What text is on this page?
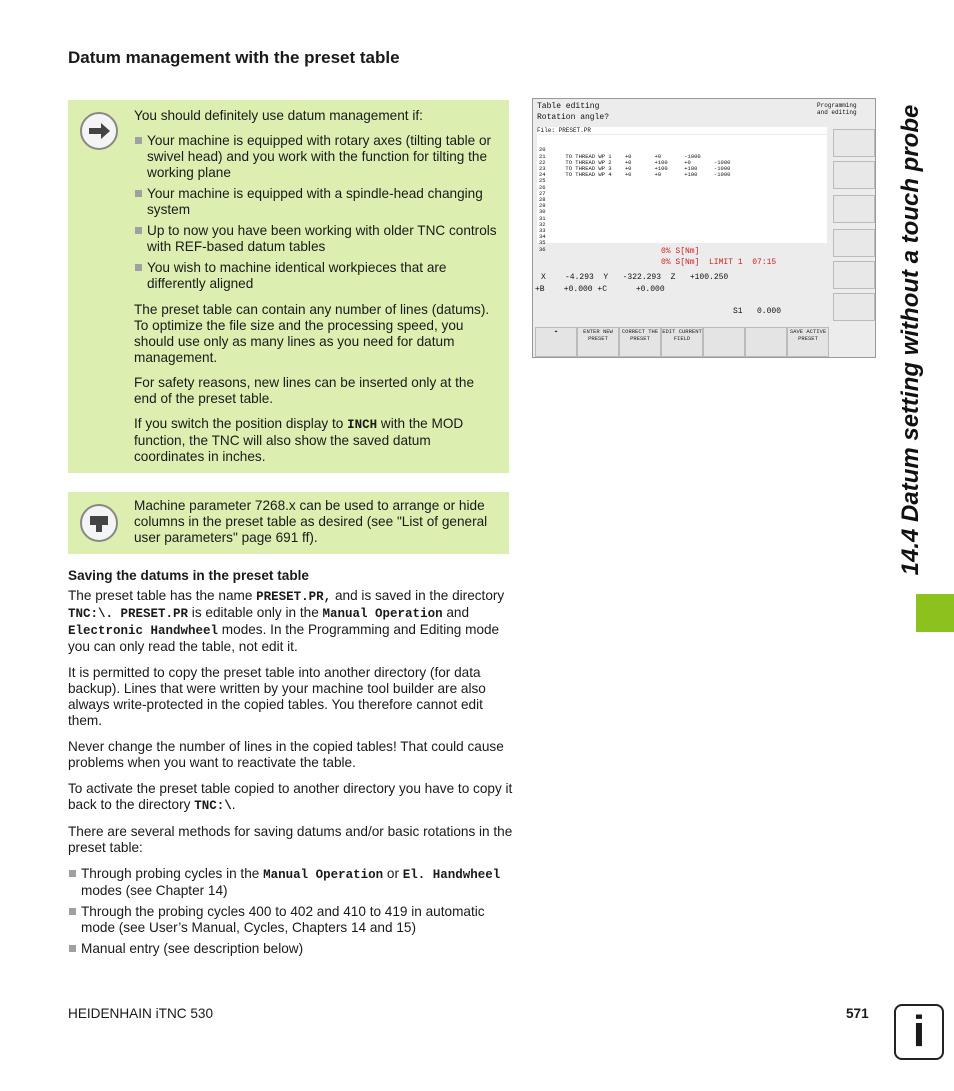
Datum management with the preset table
14.4 Datum setting without a touch probe
You should definitely use datum management if:
Your machine is equipped with rotary axes (tilting table or swivel head) and you work with the function for tilting the working plane
Your machine is equipped with a spindle-head changing system
Up to now you have been working with older TNC controls with REF-based datum tables
You wish to machine identical workpieces that are differently aligned
The preset table can contain any number of lines (datums). To optimize the file size and the processing speed, you should use only as many lines as you need for datum management.
For safety reasons, new lines can be inserted only at the end of the preset table.
If you switch the position display to INCH with the MOD function, the TNC will also show the saved datum coordinates in inches.
Machine parameter 7268.x can be used to arrange or hide columns in the preset table as desired (see "List of general user parameters" page 691 ff).
Saving the datums in the preset table
The preset table has the name PRESET.PR, and is saved in the directory TNC:\. PRESET.PR is editable only in the Manual Operation and Electronic Handwheel modes. In the Programming and Editing mode you can only read the table, not edit it.
It is permitted to copy the preset table into another directory (for data backup). Lines that were written by your machine tool builder are also always write-protected in the copied tables. You therefore cannot edit them.
Never change the number of lines in the copied tables! That could cause problems when you want to reactivate the table.
To activate the preset table copied to another directory you have to copy it back to the directory TNC:\.
There are several methods for saving datums and/or basic rotations in the preset table:
Through probing cycles in the Manual Operation or El. Handwheel modes (see Chapter 14)
Through the probing cycles 400 to 402 and 410 to 419 in automatic mode (see User’s Manual, Cycles, Chapters 14 and 15)
Manual entry (see description below)
Table editing
Rotation angle?
Programming and editing
File: PRESET.PR

20
21      TO THREAD WP 1    +0       +0       -1000
22      TO THREAD WP 2    +0       +100     +0       -1000
23      TO THREAD WP 3    +0       +100     +100     -1000
24      TO THREAD WP 4    +0       +0       +100     -1000
25
26
27
28
29
30
31
32
33
34
35
36

	0% S[Nm]
0% S[Nm]  LIMIT 1  07:15
X    -4.293  Y   -322.293  Z   +100.250
+B    +0.000 +C      +0.000
S1   0.000
⌖	ENTER NEW PRESET
CORRECT THE PRESET
EDIT CURRENT FIELD
SAVE ACTIVE PRESET
HEIDENHAIN iTNC 530	571	i
